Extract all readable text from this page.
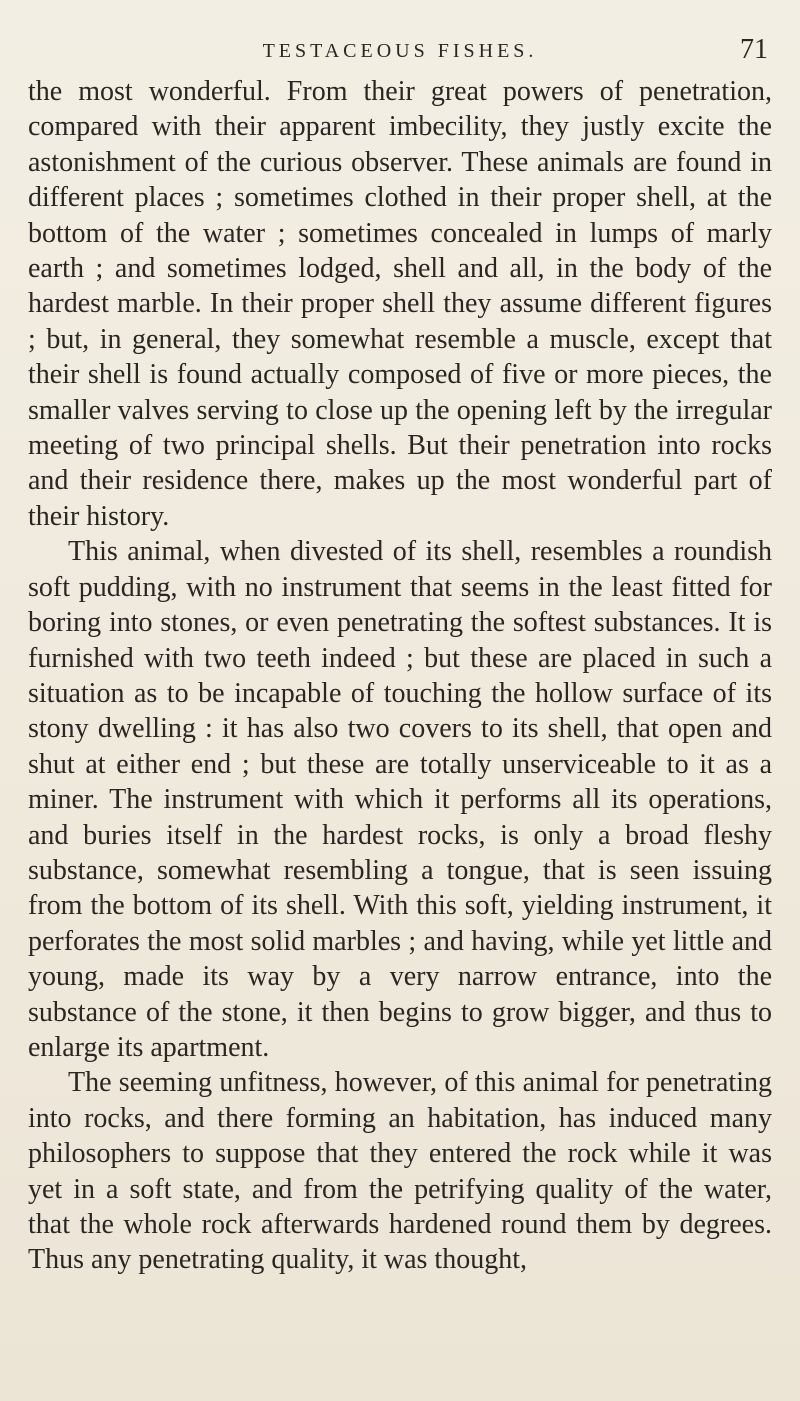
TESTACEOUS FISHES.	71

the most wonderful. From their great powers of penetration, compared with their apparent imbecility, they justly excite the astonishment of the curious observer. These animals are found in different places ; sometimes clothed in their proper shell, at the bottom of the water ; sometimes concealed in lumps of marly earth ; and sometimes lodged, shell and all, in the body of the hardest marble. In their proper shell they assume different figures ; but, in general, they somewhat resemble a muscle, except that their shell is found actually composed of five or more pieces, the smaller valves serving to close up the opening left by the irregular meeting of two principal shells. But their penetration into rocks and their residence there, makes up the most wonderful part of their history.

This animal, when divested of its shell, resembles a roundish soft pudding, with no instrument that seems in the least fitted for boring into stones, or even penetrating the softest substances. It is furnished with two teeth indeed ; but these are placed in such a situation as to be incapable of touching the hollow surface of its stony dwelling : it has also two covers to its shell, that open and shut at either end ; but these are totally unserviceable to it as a miner. The instrument with which it performs all its operations, and buries itself in the hardest rocks, is only a broad fleshy substance, somewhat resembling a tongue, that is seen issuing from the bottom of its shell. With this soft, yielding instrument, it perforates the most solid marbles ; and having, while yet little and young, made its way by a very narrow entrance, into the substance of the stone, it then begins to grow bigger, and thus to enlarge its apartment.

The seeming unfitness, however, of this animal for penetrating into rocks, and there forming an habitation, has induced many philosophers to suppose that they entered the rock while it was yet in a soft state, and from the petrifying quality of the water, that the whole rock afterwards hardened round them by degrees. Thus any penetrating quality, it was thought,
